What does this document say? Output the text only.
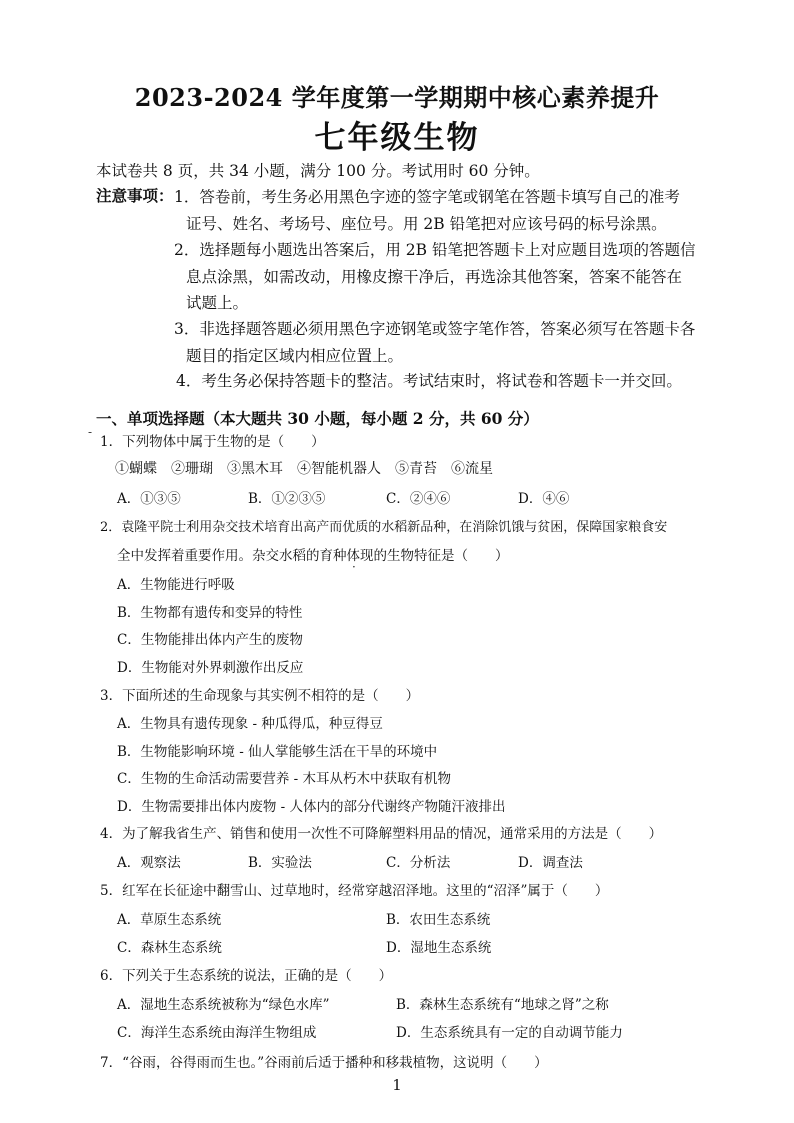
2023-2024 学年度第一学期期中核心素养提升
七年级生物
本试卷共 8 页，共 34 小题，满分 100 分。考试用时 60 分钟。
注意事项： 1．答卷前，考生务必用黑色字迹的签字笔或钢笔在答题卡填写自己的准考
证号、姓名、考场号、座位号。用 2B 铅笔把对应该号码的标号涂黑。
2．选择题每小题选出答案后，用 2B 铅笔把答题卡上对应题目选项的答题信
息点涂黑，如需改动，用橡皮擦干净后，再选涂其他答案，答案不能答在
试题上。
3．非选择题答题必须用黑色字迹钢笔或签字笔作答，答案必须写在答题卡各
题目的指定区域内相应位置上。
4．考生务必保持答题卡的整洁。考试结束时，将试卷和答题卡一并交回。
一、单项选择题（本大题共 30 小题，每小题 2 分，共 60 分）
1．下列物体中属于生物的是（　　）
①蝴蝶　②珊瑚　③黑木耳　④智能机器人　⑤青苔　⑥流星
A．①③⑤	B．①②③⑤	C．②④⑥	D．④⑥
2．袁隆平院士利用杂交技术培育出高产而优质的水稻新品种，在消除饥饿与贫困，保障国家粮食安
全中发挥着重要作用。杂交水稻的育种体现的生物特征是（　　）
A．生物能进行呼吸
B．生物都有遗传和变异的特性
C．生物能排出体内产生的废物
D．生物能对外界刺激作出反应
3．下面所述的生命现象与其实例不相符的是（　　）
A．生物具有遗传现象 - 种瓜得瓜，种豆得豆
B．生物能影响环境 - 仙人掌能够生活在干旱的环境中
C．生物的生命活动需要营养 - 木耳从朽木中获取有机物
D．生物需要排出体内废物 - 人体内的部分代谢终产物随汗液排出
4．为了解我省生产、销售和使用一次性不可降解塑料用品的情况，通常采用的方法是（　　）
A．观察法	B．实验法	C．分析法	D．调查法
5．红军在长征途中翻雪山、过草地时，经常穿越沼泽地。这里的“沼泽”属于（　　）
A．草原生态系统	B．农田生态系统
C．森林生态系统	D．湿地生态系统
6．下列关于生态系统的说法，正确的是（　　）
A．湿地生态系统被称为“绿色水库”	B．森林生态系统有“地球之肾”之称
C．海洋生态系统由海洋生物组成	D．生态系统具有一定的自动调节能力
7．“谷雨，谷得雨而生也。”谷雨前后适于播种和移栽植物，这说明（　　）
-
·
1
